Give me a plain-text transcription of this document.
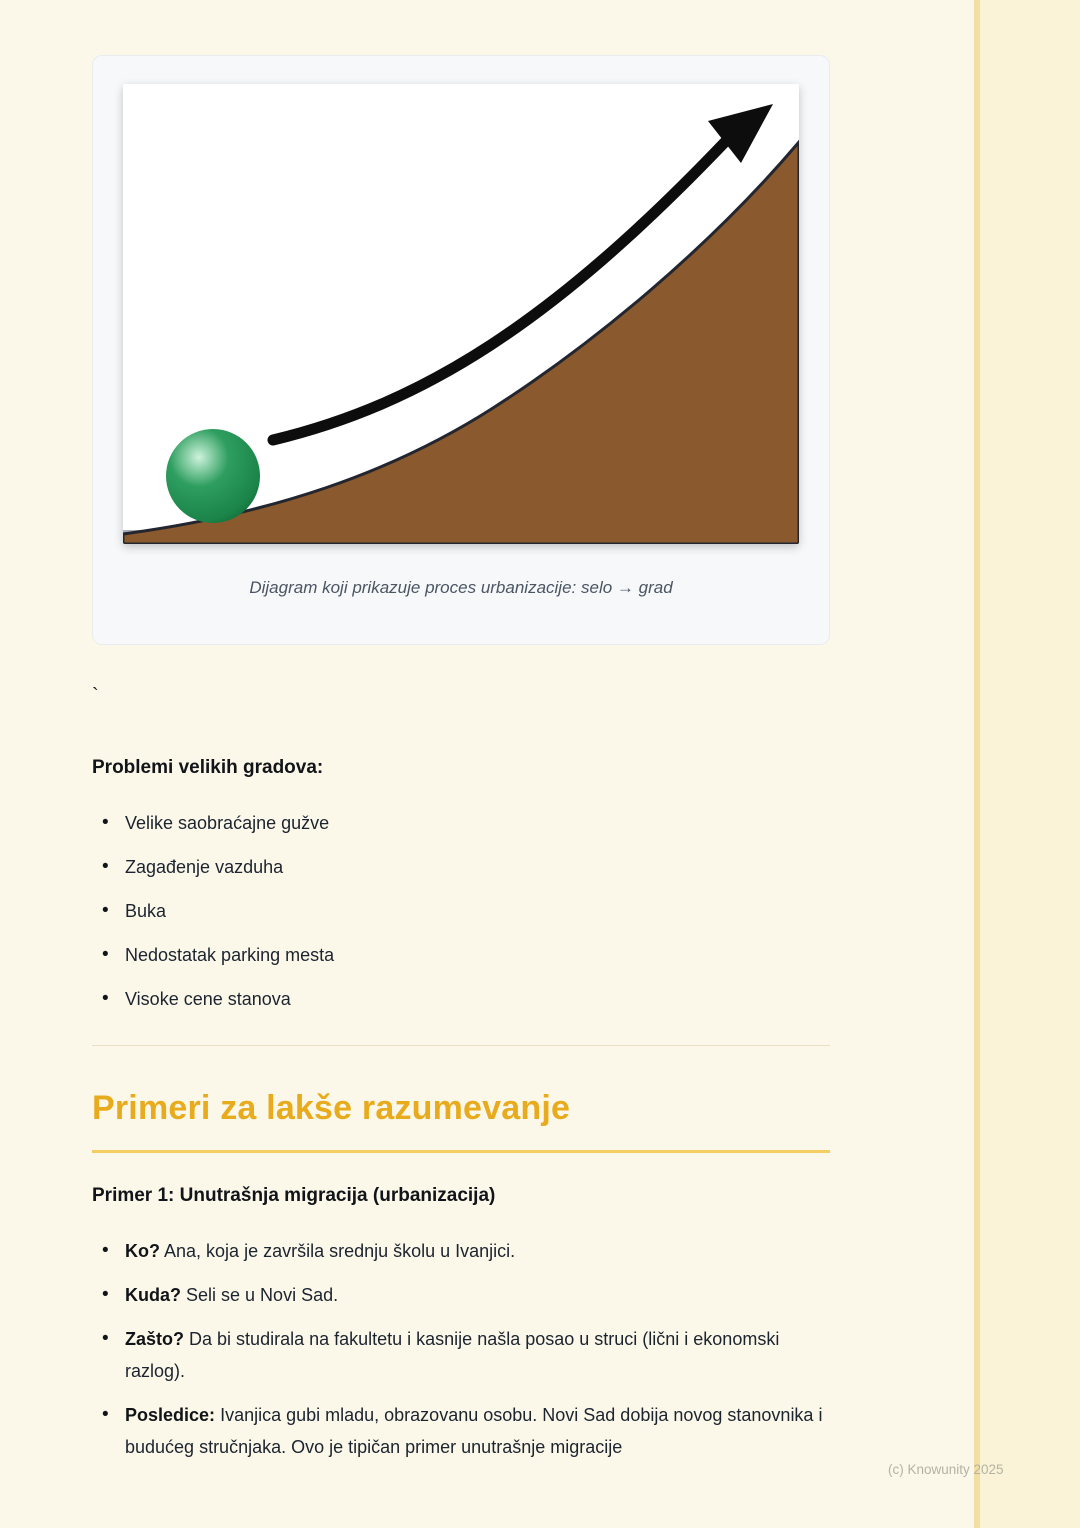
Dijagram koji prikazuje proces urbanizacije: selo → grad
`
Problemi velikih gradova:
• Velike saobraćajne gužve
• Zagađenje vazduha
• Buka
• Nedostatak parking mesta
• Visoke cene stanova
Primeri za lakše razumevanje
Primer 1: Unutrašnja migracija (urbanizacija)
• Ko? Ana, koja je završila srednju školu u Ivanjici.
• Kuda? Seli se u Novi Sad.
• Zašto? Da bi studirala na fakultetu i kasnije našla posao u struci (lični i ekonomski razlog).
• Posledice: Ivanjica gubi mladu, obrazovanu osobu. Novi Sad dobija novog stanovnika i budućeg stručnjaka. Ovo je tipičan primer unutrašnje migracije
(c) Knowunity 2025
